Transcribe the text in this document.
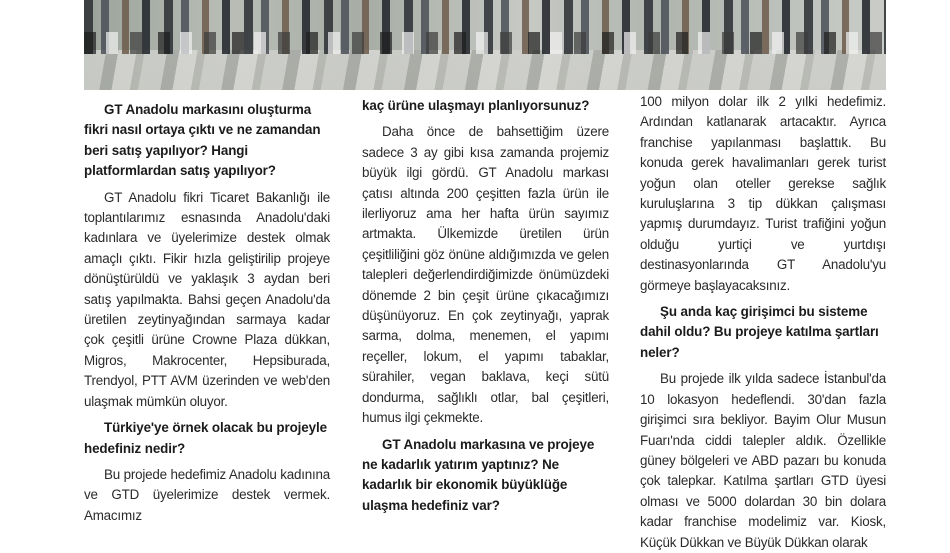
GT Anadolu markasını oluşturma fikri nasıl ortaya çıktı ve ne zamandan beri satış yapılıyor? Hangi platformlardan satış yapılıyor?

GT Anadolu fikri Ticaret Bakanlığı ile toplantılarımız esnasında Anadolu'daki kadınlara ve üyelerimize destek olmak amaçlı çıktı. Fikir hızla geliştirilip projeye dönüştürüldü ve yaklaşık 3 aydan beri satış yapılmakta. Bahsi geçen Anadolu'da üretilen zeytinyağından sarmaya kadar çok çeşitli ürüne Crowne Plaza dükkan, Migros, Makrocenter, Hepsiburada, Trendyol, PTT AVM üzerinden ve web'den ulaşmak mümkün oluyor.

Türkiye'ye örnek olacak bu projeyle hedefiniz nedir?

Bu projede hedefimiz Anadolu kadınına ve GTD üyelerimize destek vermek. Amacımız

kaç ürüne ulaşmayı planlıyorsunuz?

Daha önce de bahsettiğim üzere sadece 3 ay gibi kısa zamanda projemiz büyük ilgi gördü. GT Anadolu markası çatısı altında 200 çeşitten fazla ürün ile ilerliyoruz ama her hafta ürün sayımız artmakta. Ülkemizde üretilen ürün çeşitliliğini göz önüne aldığımızda ve gelen talepleri değerlendirdiğimizde önümüzdeki dönemde 2 bin çeşit ürüne çıkacağımızı düşünüyoruz. En çok zeytinyağı, yaprak sarma, dolma, menemen, el yapımı reçeller, lokum, el yapımı tabaklar, sürahiler, vegan baklava, keçi sütü dondurma, sağlıklı otlar, bal çeşitleri, humus ilgi çekmekte.

GT Anadolu markasına ve projeye ne kadarlık yatırım yaptınız? Ne kadarlık bir ekonomik büyüklüğe ulaşma hedefiniz var?

100 milyon dolar ilk 2 yılki hedefimiz. Ardından katlanarak artacaktır. Ayrıca franchise yapılanması başlattık. Bu konuda gerek havalimanları gerek turist yoğun olan oteller gerekse sağlık kuruluşlarına 3 tip dükkan çalışması yapmış durumdayız. Turist trafiğini yoğun olduğu yurtiçi ve yurtdışı destinasyonlarında GT Anadolu'yu görmeye başlayacaksınız.

Şu anda kaç girişimci bu sisteme dahil oldu? Bu projeye katılma şartları neler?

Bu projede ilk yılda sadece İstanbul'da 10 lokasyon hedeflendi. 30'dan fazla girişimci sıra bekliyor. Bayim Olur Musun Fuarı'nda ciddi talepler aldık. Özellikle güney bölgeleri ve ABD pazarı bu konuda çok talepkar. Katılma şartları GTD üyesi olması ve 5000 dolardan 30 bin dolara kadar franchise modelimiz var. Kiosk, Küçük Dükkan ve Büyük Dükkan olarak
